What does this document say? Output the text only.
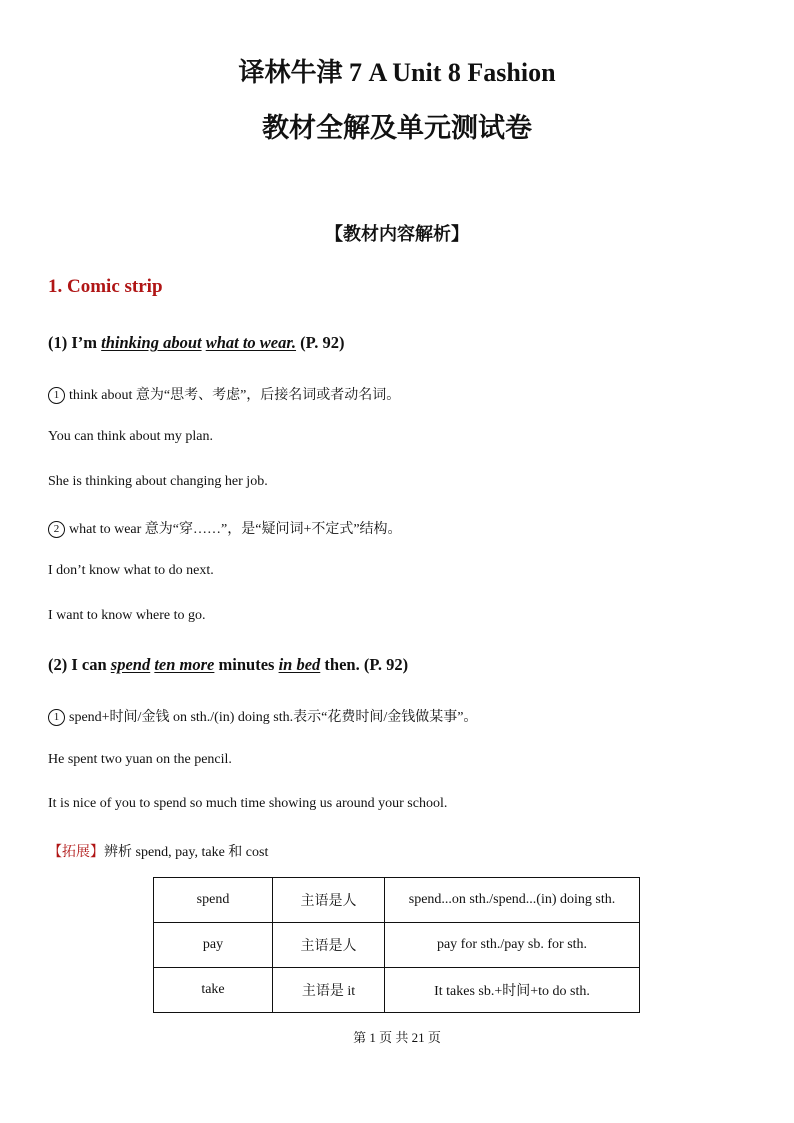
译林牛津 7 A Unit 8 Fashion
教材全解及单元测试卷
【教材内容解析】
1. Comic strip
(1) I’m thinking about what to wear. (P. 92)
1 think about 意为“思考、考虑”，后接名词或者动名词。
You can think about my plan.
She is thinking about changing her job.
2 what to wear 意为“穿……”，是“疑问词+不定式”结构。
I don’t know what to do next.
I want to know where to go.
(2) I can spend ten more minutes in bed then. (P. 92)
1 spend+时间/金钱 on sth./(in) doing sth.表示“花费时间/金钱做某事”。
He spent two yuan on the pencil.
It is nice of you to spend so much time showing us around your school.
【拓展】辨析 spend, pay, take 和 cost
spend	主语是人	spend...on sth./spend...(in) doing sth.
pay	主语是人	pay for sth./pay sb. for sth.
take	主语是 it	It takes sb.+时间+to do sth.
第 1 页 共 21 页
